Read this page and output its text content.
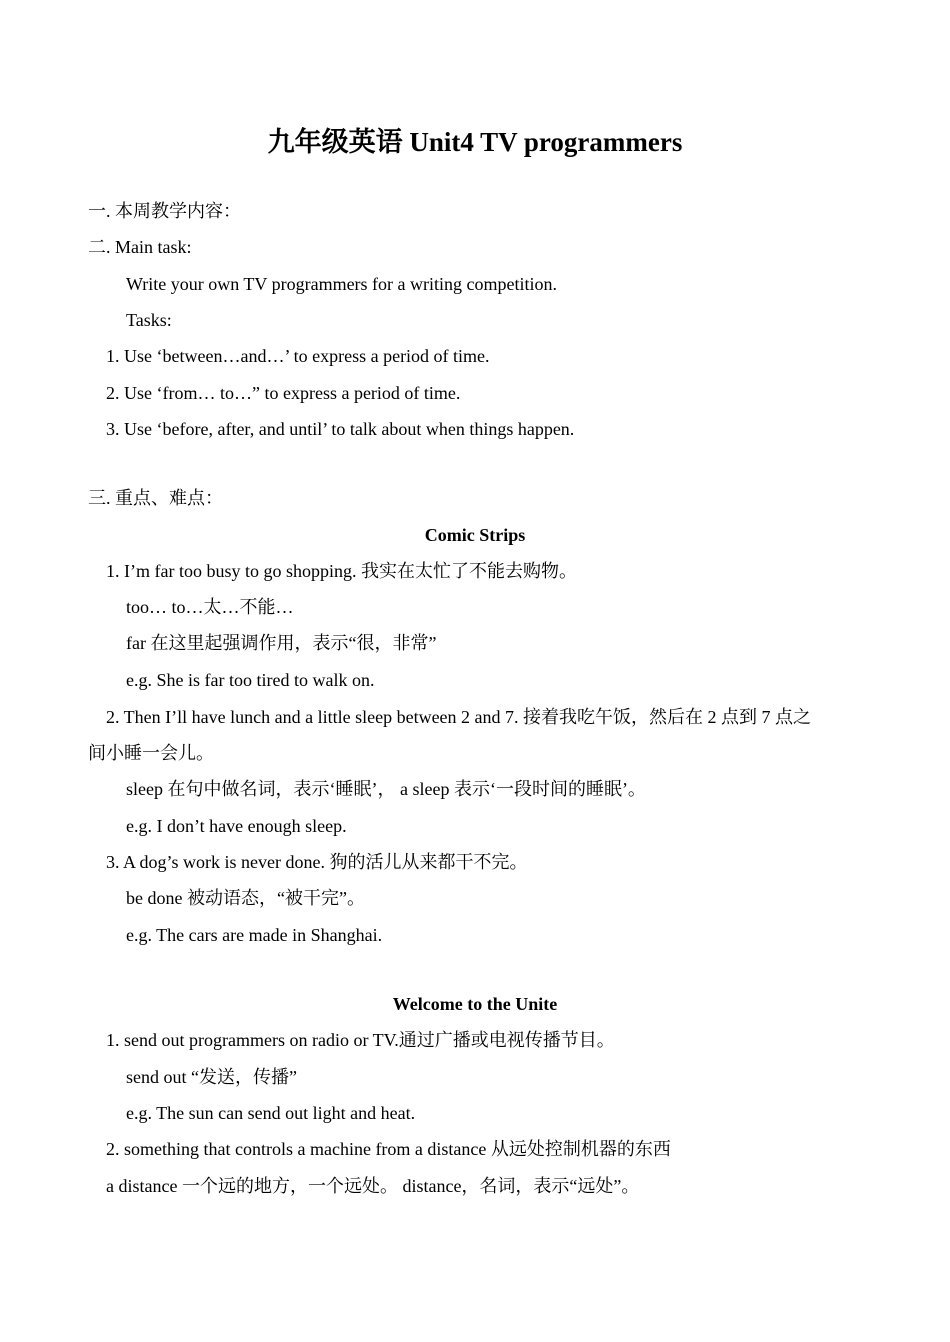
九年级英语 Unit4 TV programmers
一. 本周教学内容：
二. Main task:
Write your own TV programmers for a writing competition.
Tasks:
1. Use ‘between…and…’ to express a period of time.
2. Use ‘from… to…” to express a period of time.
3. Use ‘before, after, and until’ to talk about when things happen.
三. 重点、难点：
Comic Strips
1. I’m far too busy to go shopping. 我实在太忙了不能去购物。
too… to…太…不能…
far 在这里起强调作用，表示“很，非常”
e.g. She is far too tired to walk on.
2. Then I’ll have lunch and a little sleep between 2 and 7. 接着我吃午饭，然后在 2 点到 7 点之
间小睡一会儿。
sleep 在句中做名词，表示‘睡眠’， a sleep 表示‘一段时间的睡眠’。
e.g. I don’t have enough sleep.
3. A dog’s work is never done. 狗的活儿从来都干不完。
be done 被动语态，“被干完”。
e.g. The cars are made in Shanghai.
Welcome to the Unite
1. send out programmers on radio or TV.通过广播或电视传播节目。
send out “发送，传播”
e.g. The sun can send out light and heat.
2. something that controls a machine from a distance 从远处控制机器的东西
a distance 一个远的地方，一个远处。 distance，名词，表示“远处”。
